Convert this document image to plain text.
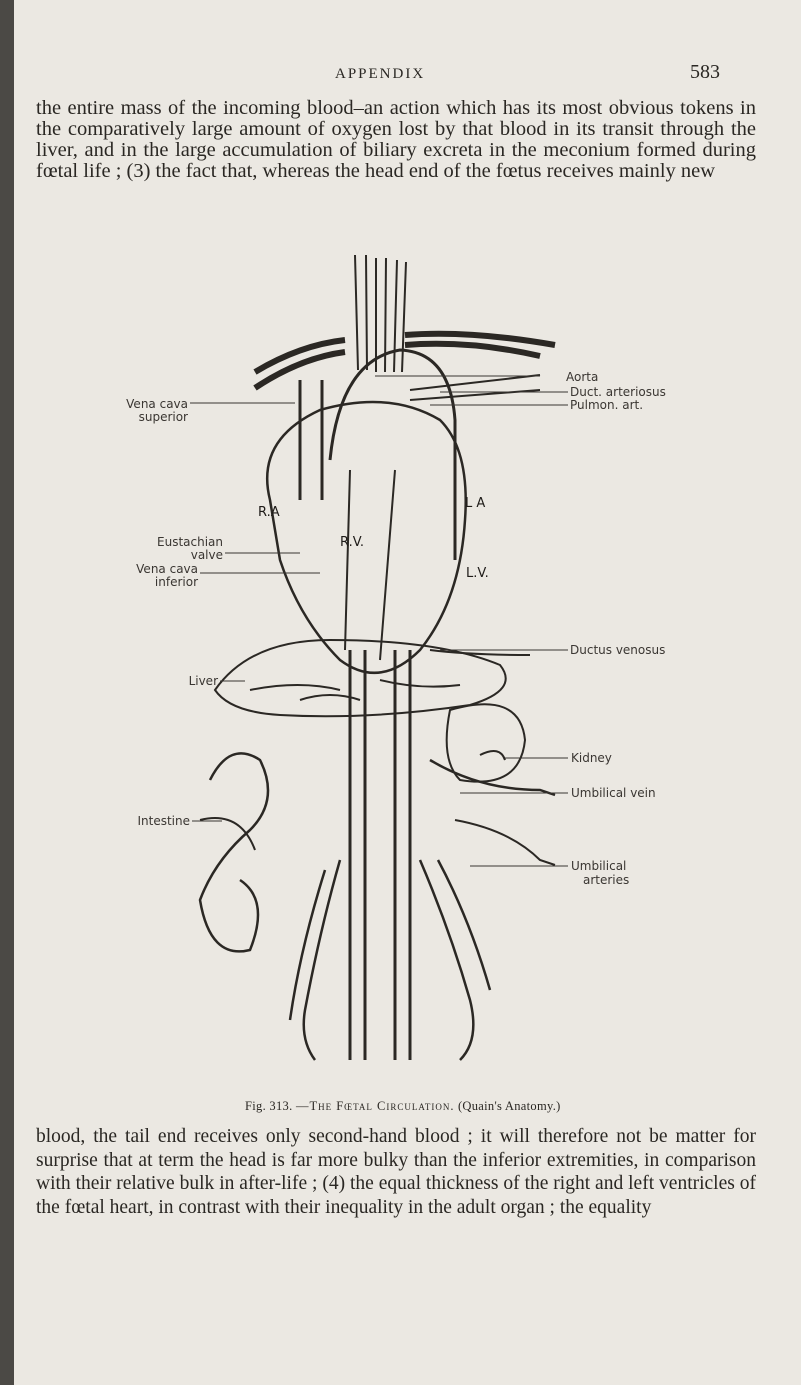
APPENDIX	583
the entire mass of the incoming blood–an action which has its most obvious tokens in the comparatively large amount of oxygen lost by that blood in its transit through the liver, and in the large accumulation of biliary excreta in the meconium formed during fœtal life ; (3) the fact that, whereas the head end of the fœtus receives mainly new
Aorta
Duct. arteriosus
Pulmon. art.
Ductus venosus
Kidney
Umbilical vein
Umbilical
arteries
Vena cava
superior
Eustachian
valve
Vena cava
inferior
Liver
Intestine
R.A
L A
R.V.
L.V.
Fig. 313. —The Fœtal Circulation. (Quain's Anatomy.)
blood, the tail end receives only second-hand blood ; it will therefore not be matter for surprise that at term the head is far more bulky than the inferior extremities, in comparison with their relative bulk in after-life ; (4) the equal thickness of the right and left ventricles of the fœtal heart, in contrast with their inequality in the adult organ ; the equality
